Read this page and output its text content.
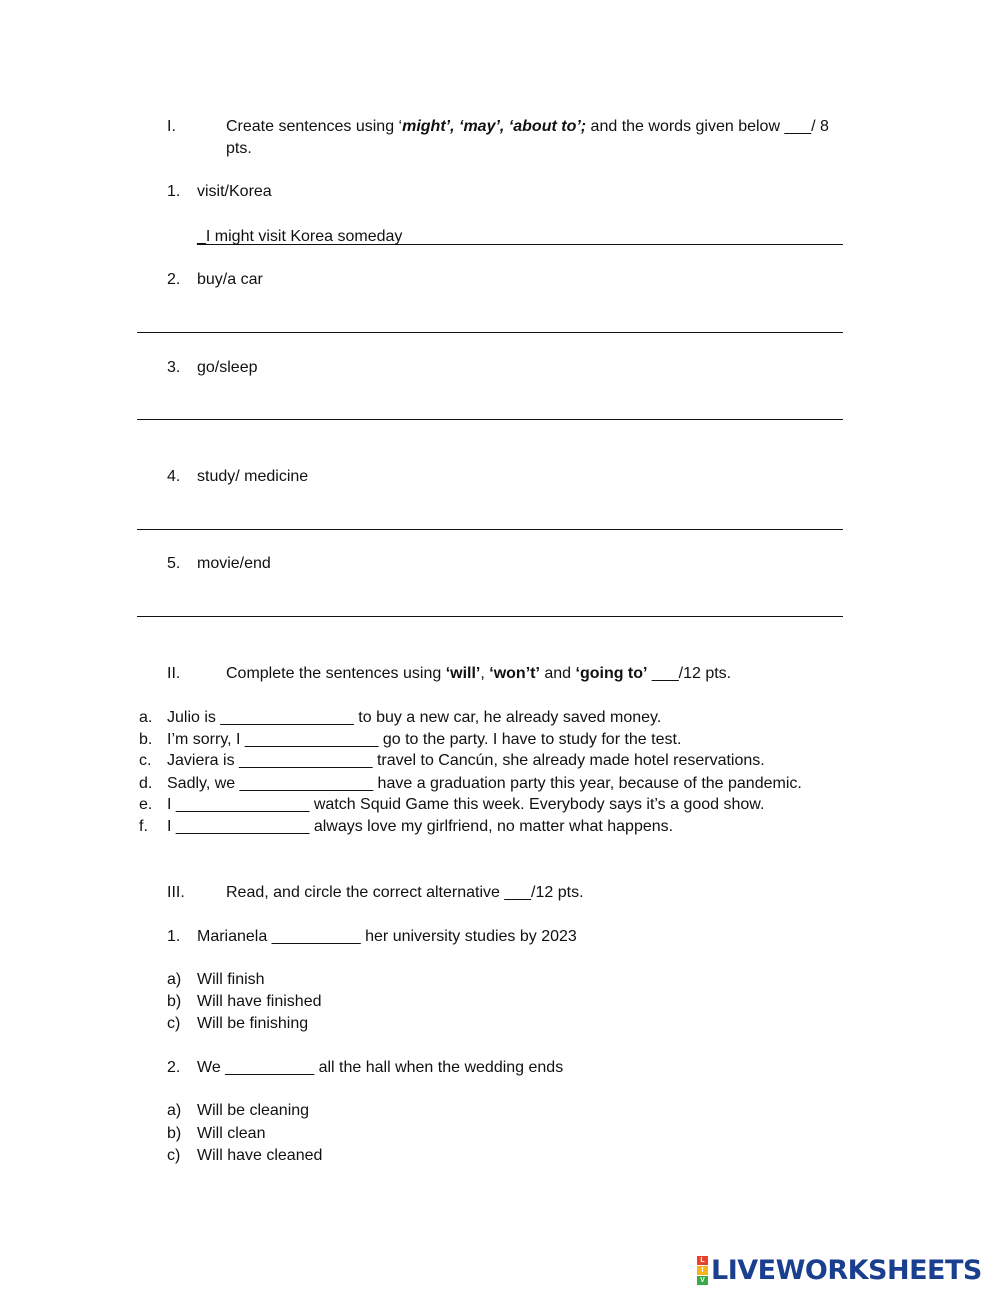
I.	Create sentences using ‘might’, ‘may’, ‘about to’; and the words given below ___/ 8
pts.
1. visit/Korea
_I might visit Korea someday
2. buy/a car
3. go/sleep
4. study/ medicine
5. movie/end
II.	Complete the sentences using ‘will’, ‘won’t’ and ‘going to’ ___/12 pts.
a. Julio is _______________ to buy a new car, he already saved money.
b. I’m sorry, I _______________ go to the party. I have to study for the test.
c. Javiera is _______________ travel to Cancún, she already made hotel reservations.
d. Sadly, we _______________ have a graduation party this year, because of the pandemic.
e. I _______________ watch Squid Game this week. Everybody says it’s a good show.
f. I _______________ always love my girlfriend, no matter what happens.
III.	Read, and circle the correct alternative ___/12 pts.
1. Marianela __________ her university studies by 2023
a) Will finish
b) Will have finished
c) Will be finishing
2. We __________ all the hall when the wedding ends
a) Will be cleaning
b) Will clean
c) Will have cleaned
L
I
V LIVEWORKSHEETS
